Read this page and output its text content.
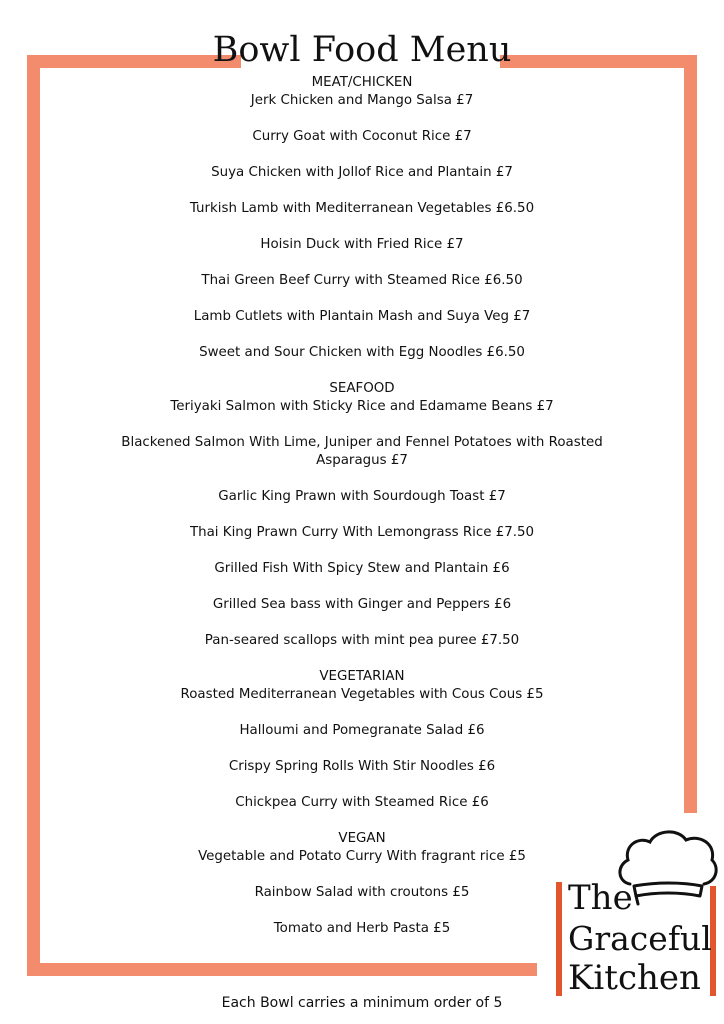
Bowl Food Menu
MEAT/CHICKEN
Jerk Chicken and Mango Salsa £7
Curry Goat with Coconut Rice £7
Suya Chicken with Jollof Rice and Plantain £7
Turkish Lamb with Mediterranean Vegetables £6.50
Hoisin Duck with Fried Rice £7
Thai Green Beef Curry with Steamed Rice £6.50
Lamb Cutlets with Plantain Mash and Suya Veg £7
Sweet and Sour Chicken with Egg Noodles £6.50
SEAFOOD
Teriyaki Salmon with Sticky Rice and Edamame Beans £7
Blackened Salmon With Lime, Juniper and Fennel Potatoes with Roasted
Asparagus £7
Garlic King Prawn with Sourdough Toast £7
Thai King Prawn Curry With Lemongrass Rice £7.50
Grilled Fish With Spicy Stew and Plantain £6
Grilled Sea bass with Ginger and Peppers £6
Pan-seared scallops with mint pea puree £7.50
VEGETARIAN
Roasted Mediterranean Vegetables with Cous Cous £5
Halloumi and Pomegranate Salad £6
Crispy Spring Rolls With Stir Noodles £6
Chickpea Curry with Steamed Rice £6
VEGAN
Vegetable and Potato Curry With fragrant rice £5
Rainbow Salad with croutons £5
Tomato and Herb Pasta £5
The
Graceful
Kitchen
Each Bowl carries a minimum order of 5
